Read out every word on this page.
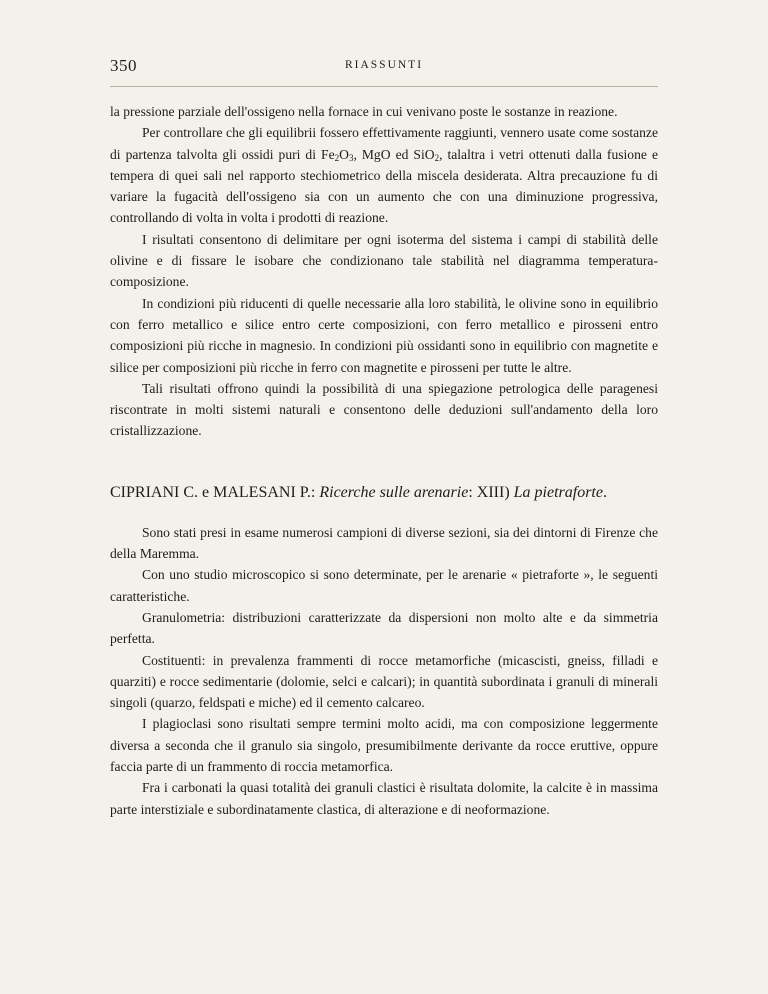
350	RIASSUNTI

la pressione parziale dell'ossigeno nella fornace in cui venivano poste le sostanze in reazione.

Per controllare che gli equilibrii fossero effettivamente raggiunti, vennero usate come sostanze di partenza talvolta gli ossidi puri di $Fe_2O_3$, MgO ed SiO$_2$, talaltra i vetri ottenuti dalla fusione e tempera di quei sali nel rapporto stechiometrico della miscela desiderata. Altra precauzione fu di variare la fugacità dell'ossigeno sia con un aumento che con una diminuzione progressiva, controllando di volta in volta i prodotti di reazione.

I risultati consentono di delimitare per ogni isoterma del sistema i campi di stabilità delle olivine e di fissare le isobare che condizionano tale stabilità nel diagramma temperatura-composizione.

In condizioni più riducenti di quelle necessarie alla loro stabilità, le olivine sono in equilibrio con ferro metallico e silice entro certe composizioni, con ferro metallico e pirosseni entro composizioni più ricche in magnesio. In condizioni più ossidanti sono in equilibrio con magnetite e silice per composizioni più ricche in ferro con magnetite e pirosseni per tutte le altre.

Tali risultati offrono quindi la possibilità di una spiegazione petrologica delle paragenesi riscontrate in molti sistemi naturali e consentono delle deduzioni sull'andamento della loro cristallizzazione.

CIPRIANI C. e MALESANI P.: Ricerche sulle arenarie: XIII) La pietraforte.

Sono stati presi in esame numerosi campioni di diverse sezioni, sia dei dintorni di Firenze che della Maremma.

Con uno studio microscopico si sono determinate, per le arenarie « pietraforte », le seguenti caratteristiche.

Granulometria: distribuzioni caratterizzate da dispersioni non molto alte e da simmetria perfetta.

Costituenti: in prevalenza frammenti di rocce metamorfiche (micascisti, gneiss, filladi e quarziti) e rocce sedimentarie (dolomie, selci e calcari); in quantità subordinata i granuli di minerali singoli (quarzo, feldspati e miche) ed il cemento calcareo.

I plagioclasi sono risultati sempre termini molto acidi, ma con composizione leggermente diversa a seconda che il granulo sia singolo, presumibilmente derivante da rocce eruttive, oppure faccia parte di un frammento di roccia metamorfica.

Fra i carbonati la quasi totalità dei granuli clastici è risultata dolomite, la calcite è in massima parte interstiziale e subordinatamente clastica, di alterazione e di neoformazione.
